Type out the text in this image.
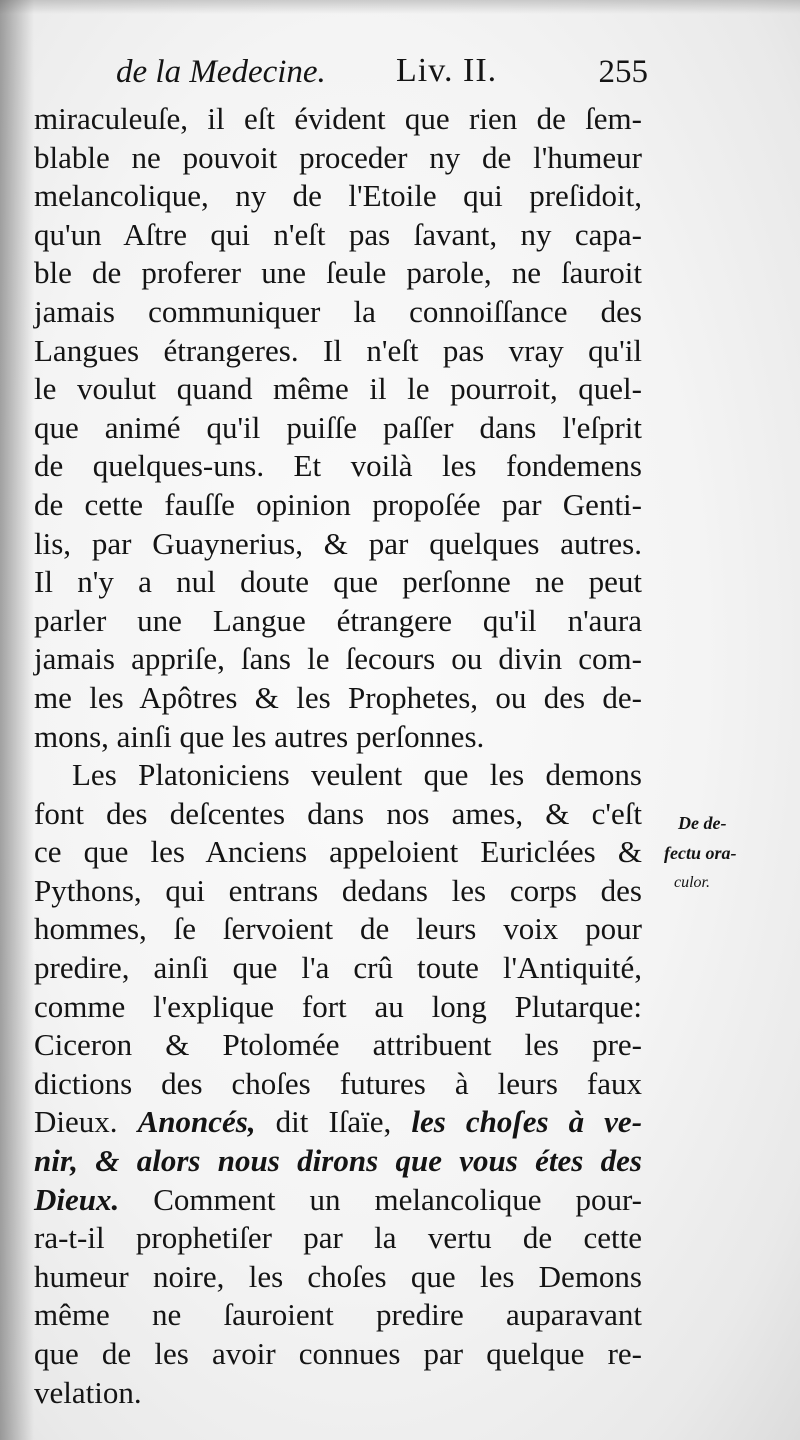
de la Medecine. Liv. II.	255
miraculeuſe, il eſt évident que rien de ſem-
blable ne pouvoit proceder ny de l'humeur
melancolique, ny de l'Etoile qui preſidoit,
qu'un Aſtre qui n'eſt pas ſavant, ny capa-
ble de proferer une ſeule parole, ne ſauroit
jamais communiquer la connoiſſance des
Langues étrangeres. Il n'eſt pas vray qu'il
le voulut quand même il le pourroit, quel-
que animé qu'il puiſſe paſſer dans l'eſprit
de quelques-uns. Et voilà les fondemens
de cette fauſſe opinion propoſée par Genti-
lis, par Guaynerius, & par quelques autres.
Il n'y a nul doute que perſonne ne peut
parler une Langue étrangere qu'il n'aura
jamais appriſe, ſans le ſecours ou divin com-
me les Apôtres & les Prophetes, ou des de-
mons, ainſi que les autres perſonnes.
Les Platoniciens veulent que les demons
font des deſcentes dans nos ames, & c'eſt
ce que les Anciens appeloient Euriclées &
Pythons, qui entrans dedans les corps des
hommes, ſe ſervoient de leurs voix pour
predire, ainſi que l'a crû toute l'Antiquité,
comme l'explique fort au long Plutarque:
Ciceron & Ptolomée attribuent les pre-
dictions des choſes futures à leurs faux
Dieux. Anoncés, dit Iſaïe, les choſes à ve-
nir, & alors nous dirons que vous étes des
Dieux. Comment un melancolique pour-
ra-t-il prophetiſer par la vertu de cette
humeur noire, les choſes que les Demons
même ne ſauroient predire auparavant
que de les avoir connues par quelque re-
velation.
De de-
fectu ora-
culor.
